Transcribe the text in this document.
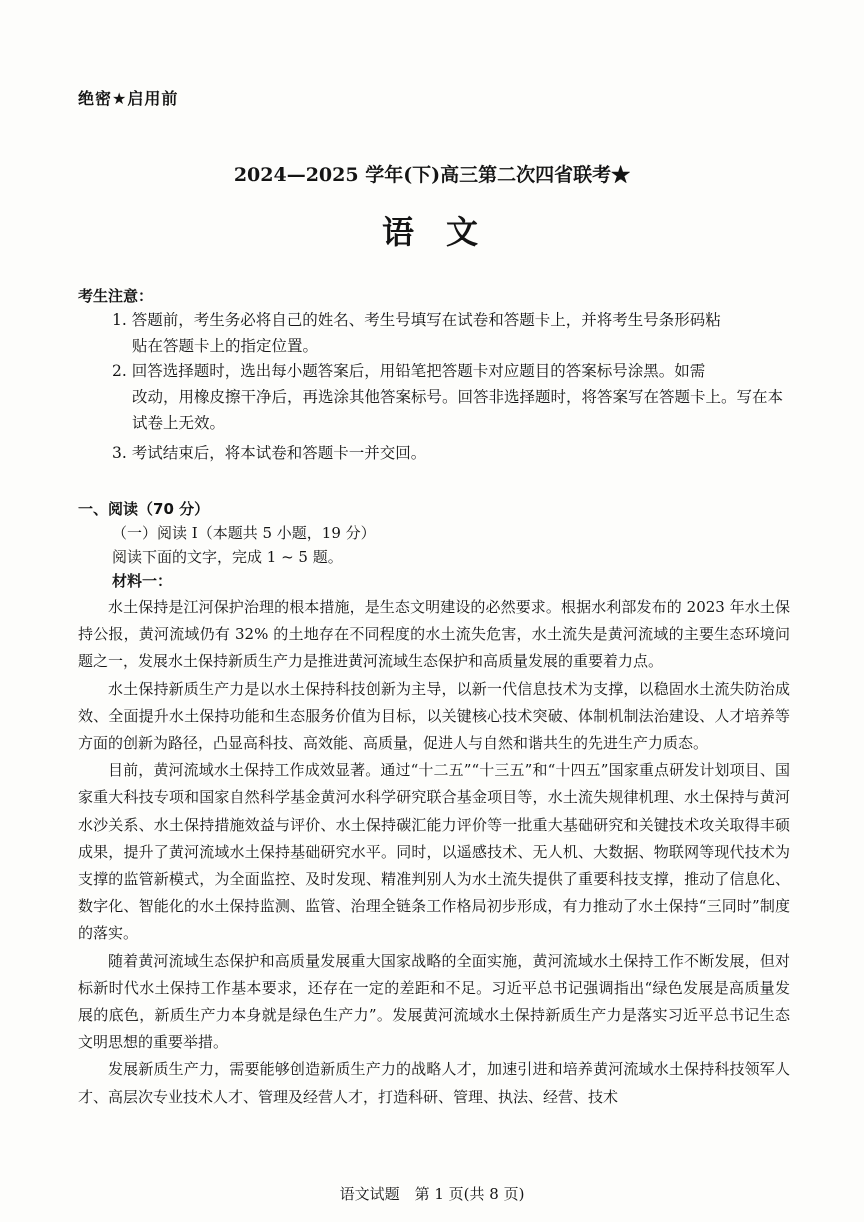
绝密★启用前
2024—2025 学年(下)高三第二次四省联考★
语文
考生注意：
1. 答题前，考生务必将自己的姓名、考生号填写在试卷和答题卡上，并将考生号条形码粘
贴在答题卡上的指定位置。
2. 回答选择题时，选出每小题答案后，用铅笔把答题卡对应题目的答案标号涂黑。如需
改动，用橡皮擦干净后，再选涂其他答案标号。回答非选择题时，将答案写在答题卡上。写在本试卷上无效。
3. 考试结束后，将本试卷和答题卡一并交回。
一、阅读（70 分）
（一）阅读 I（本题共 5 小题，19 分）
阅读下面的文字，完成 1 ~ 5 题。
材料一：

水土保持是江河保护治理的根本措施，是生态文明建设的必然要求。根据水利部发布的 2023 年水土保持公报，黄河流域仍有 32% 的土地存在不同程度的水土流失危害，水土流失是黄河流域的主要生态环境问题之一，发展水土保持新质生产力是推进黄河流域生态保护和高质量发展的重要着力点。

水土保持新质生产力是以水土保持科技创新为主导，以新一代信息技术为支撑，以稳固水土流失防治成效、全面提升水土保持功能和生态服务价值为目标，以关键核心技术突破、体制机制法治建设、人才培养等方面的创新为路径，凸显高科技、高效能、高质量，促进人与自然和谐共生的先进生产力质态。

目前，黄河流域水土保持工作成效显著。通过“十二五”“十三五”和“十四五”国家重点研发计划项目、国家重大科技专项和国家自然科学基金黄河水科学研究联合基金项目等，水土流失规律机理、水土保持与黄河水沙关系、水土保持措施效益与评价、水土保持碳汇能力评价等一批重大基础研究和关键技术攻关取得丰硕成果，提升了黄河流域水土保持基础研究水平。同时，以遥感技术、无人机、大数据、物联网等现代技术为支撑的监管新模式，为全面监控、及时发现、精准判别人为水土流失提供了重要科技支撑，推动了信息化、数字化、智能化的水土保持监测、监管、治理全链条工作格局初步形成，有力推动了水土保持“三同时”制度的落实。

随着黄河流域生态保护和高质量发展重大国家战略的全面实施，黄河流域水土保持工作不断发展，但对标新时代水土保持工作基本要求，还存在一定的差距和不足。习近平总书记强调指出“绿色发展是高质量发展的底色，新质生产力本身就是绿色生产力”。发展黄河流域水土保持新质生产力是落实习近平总书记生态文明思想的重要举措。

发展新质生产力，需要能够创造新质生产力的战略人才，加速引进和培养黄河流域水土保持科技领军人才、高层次专业技术人才、管理及经营人才，打造科研、管理、执法、经营、技术

语文试题　第 1 页(共 8 页)
